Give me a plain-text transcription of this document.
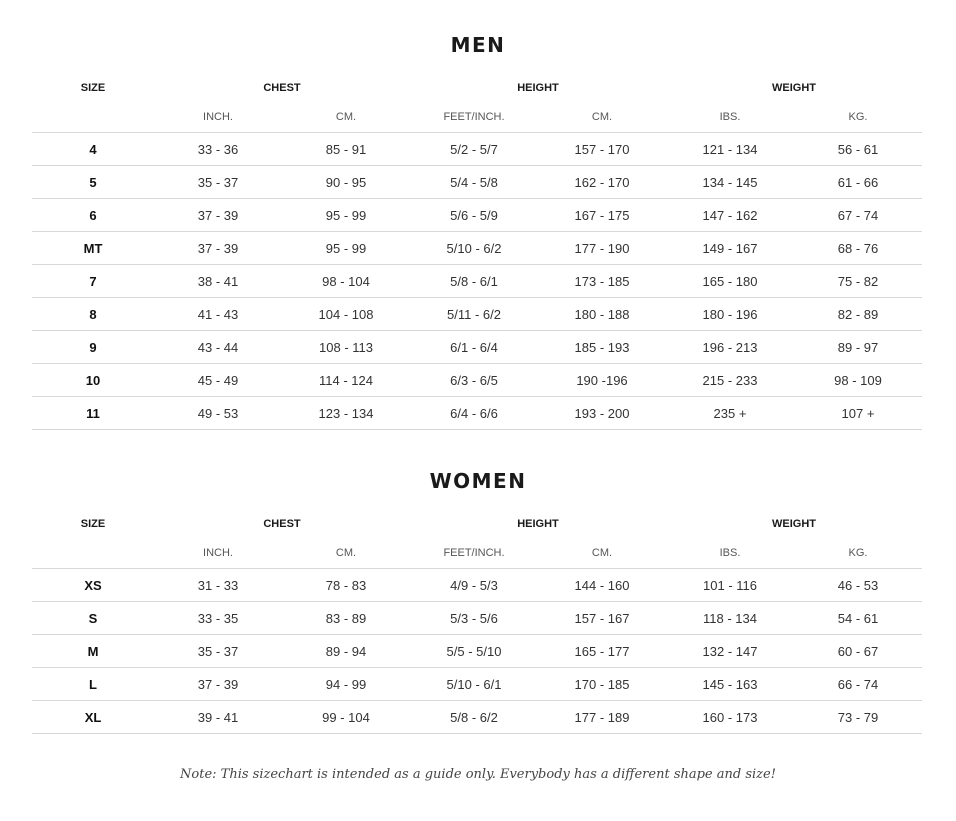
MEN
SIZE	CHEST		HEIGHT		WEIGHT	
	INCH.	CM.	FEET/INCH.	CM.	IBS.	KG.
4	33 - 36	85 - 91	5/2 - 5/7	157 - 170	121 - 134	56 - 61
5	35 - 37	90 - 95	5/4 - 5/8	162 - 170	134 - 145	61 - 66
6	37 - 39	95 - 99	5/6 - 5/9	167 - 175	147 - 162	67 - 74
MT	37 - 39	95 - 99	5/10 - 6/2	177 - 190	149 - 167	68 - 76
7	38 - 41	98 - 104	5/8 - 6/1	173 - 185	165 - 180	75 - 82
8	41 - 43	104 - 108	5/11 - 6/2	180 - 188	180 - 196	82 - 89
9	43 - 44	108 - 113	6/1 - 6/4	185 - 193	196 - 213	89 - 97
10	45 - 49	114 - 124	6/3 - 6/5	190 -196	215 - 233	98 - 109
11	49 - 53	123 - 134	6/4 - 6/6	193 - 200	235 +	107 +
WOMEN
SIZE	CHEST		HEIGHT		WEIGHT	
	INCH.	CM.	FEET/INCH.	CM.	IBS.	KG.
XS	31 - 33	78 - 83	4/9 - 5/3	144 - 160	101 - 116	46 - 53
S	33 - 35	83 - 89	5/3 - 5/6	157 - 167	118 - 134	54 - 61
M	35 - 37	89 - 94	5/5 - 5/10	165 - 177	132 - 147	60 - 67
L	37 - 39	94 - 99	5/10 - 6/1	170 - 185	145 - 163	66 - 74
XL	39 - 41	99 - 104	5/8 - 6/2	177 - 189	160 - 173	73 - 79
Note: This sizechart is intended as a guide only. Everybody has a different shape and size!
